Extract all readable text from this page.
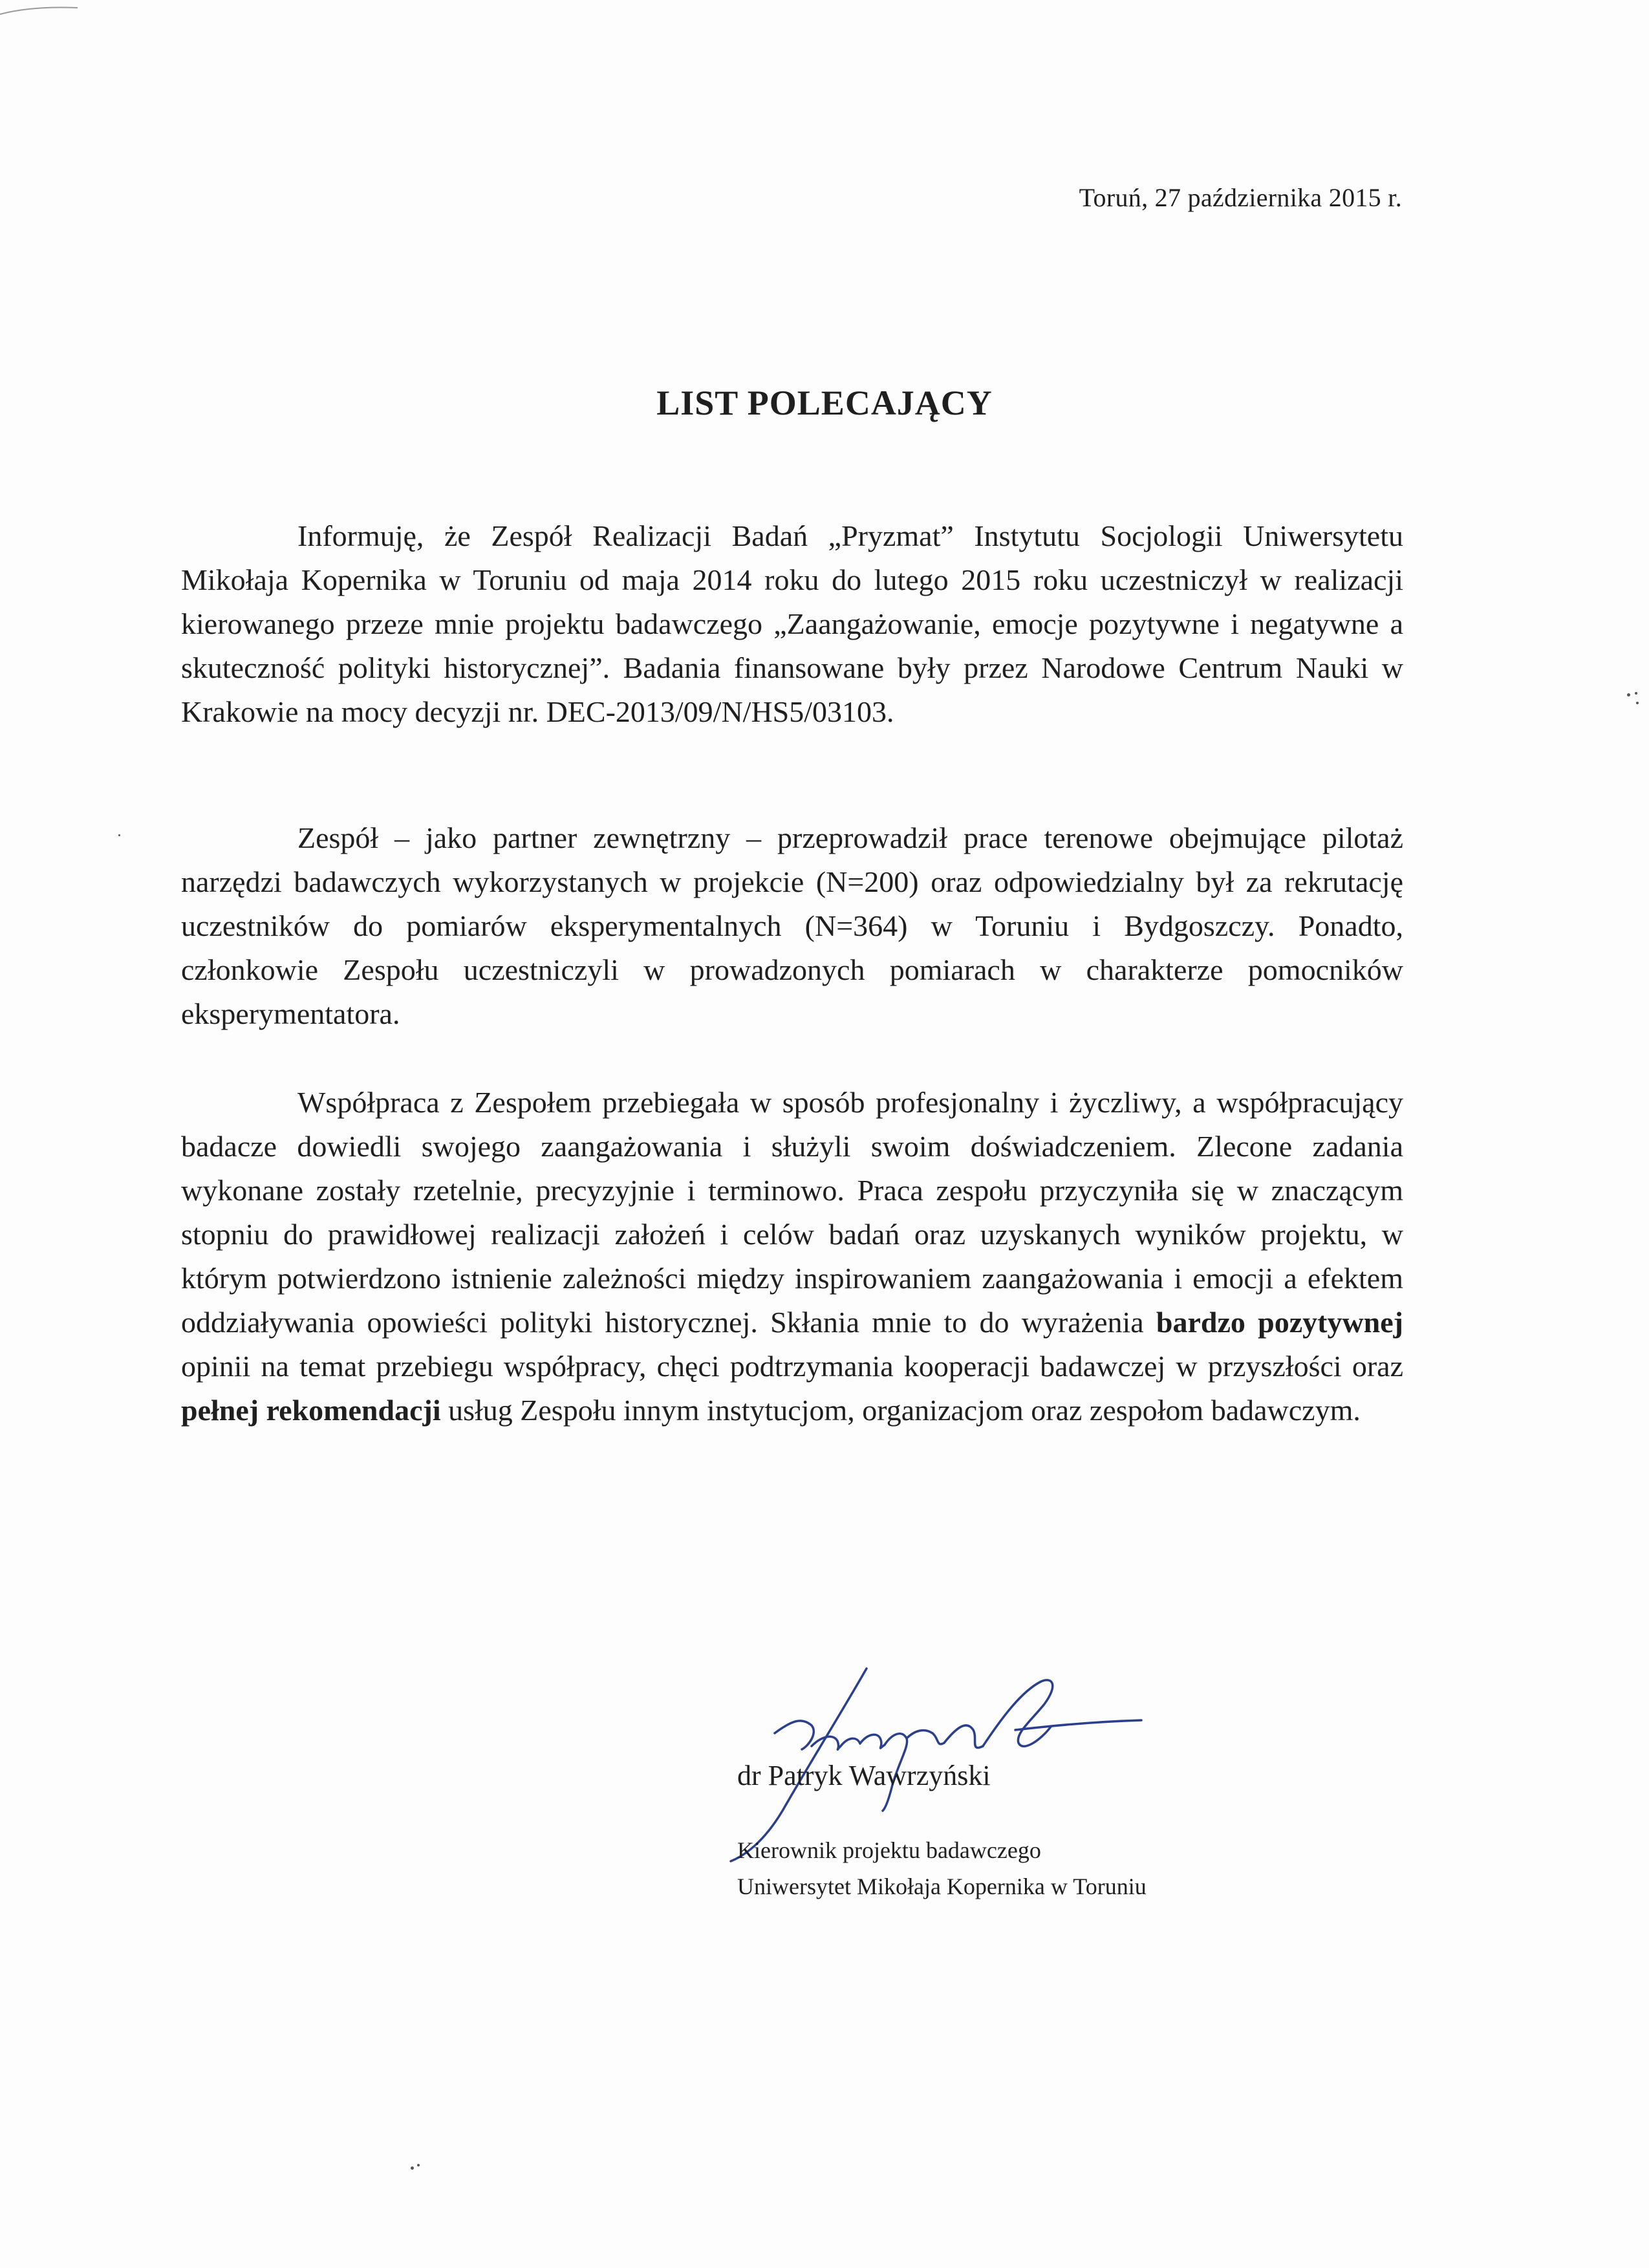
Toruń, 27 października 2015 r.
LIST POLECAJĄCY

Informuję, że Zespół Realizacji Badań „Pryzmat” Instytutu Socjologii Uniwersytetu Mikołaja Kopernika w Toruniu od maja 2014 roku do lutego 2015 roku uczestniczył w realizacji kierowanego przeze mnie projektu badawczego „Zaangażowanie, emocje pozytywne i negatywne a skuteczność polityki historycznej”. Badania finansowane były przez Narodowe Centrum Nauki w Krakowie na mocy decyzji nr. DEC-2013/09/N/HS5/03103.

Zespół – jako partner zewnętrzny – przeprowadził prace terenowe obejmujące pilotaż narzędzi badawczych wykorzystanych w projekcie (N=200) oraz odpowiedzialny był za rekrutację uczestników do pomiarów eksperymentalnych (N=364) w Toruniu i Bydgoszczy. Ponadto, członkowie Zespołu uczestniczyli w prowadzonych pomiarach w charakterze pomocników eksperymentatora.

Współpraca z Zespołem przebiegała w sposób profesjonalny i życzliwy, a współpracujący badacze dowiedli swojego zaangażowania i służyli swoim doświadczeniem. Zlecone zadania wykonane zostały rzetelnie, precyzyjnie i terminowo. Praca zespołu przyczyniła się w znaczącym stopniu do prawidłowej realizacji założeń i celów badań oraz uzyskanych wyników projektu, w którym potwierdzono istnienie zależności między inspirowaniem zaangażowania i emocji a efektem oddziaływania opowieści polityki historycznej. Skłania mnie to do wyrażenia bardzo pozytywnej opinii na temat przebiegu współpracy, chęci podtrzymania kooperacji badawczej w przyszłości oraz pełnej rekomendacji usług Zespołu innym instytucjom, organizacjom oraz zespołom badawczym.

dr Patryk Wawrzyński
Kierownik projektu badawczego
Uniwersytet Mikołaja Kopernika w Toruniu
